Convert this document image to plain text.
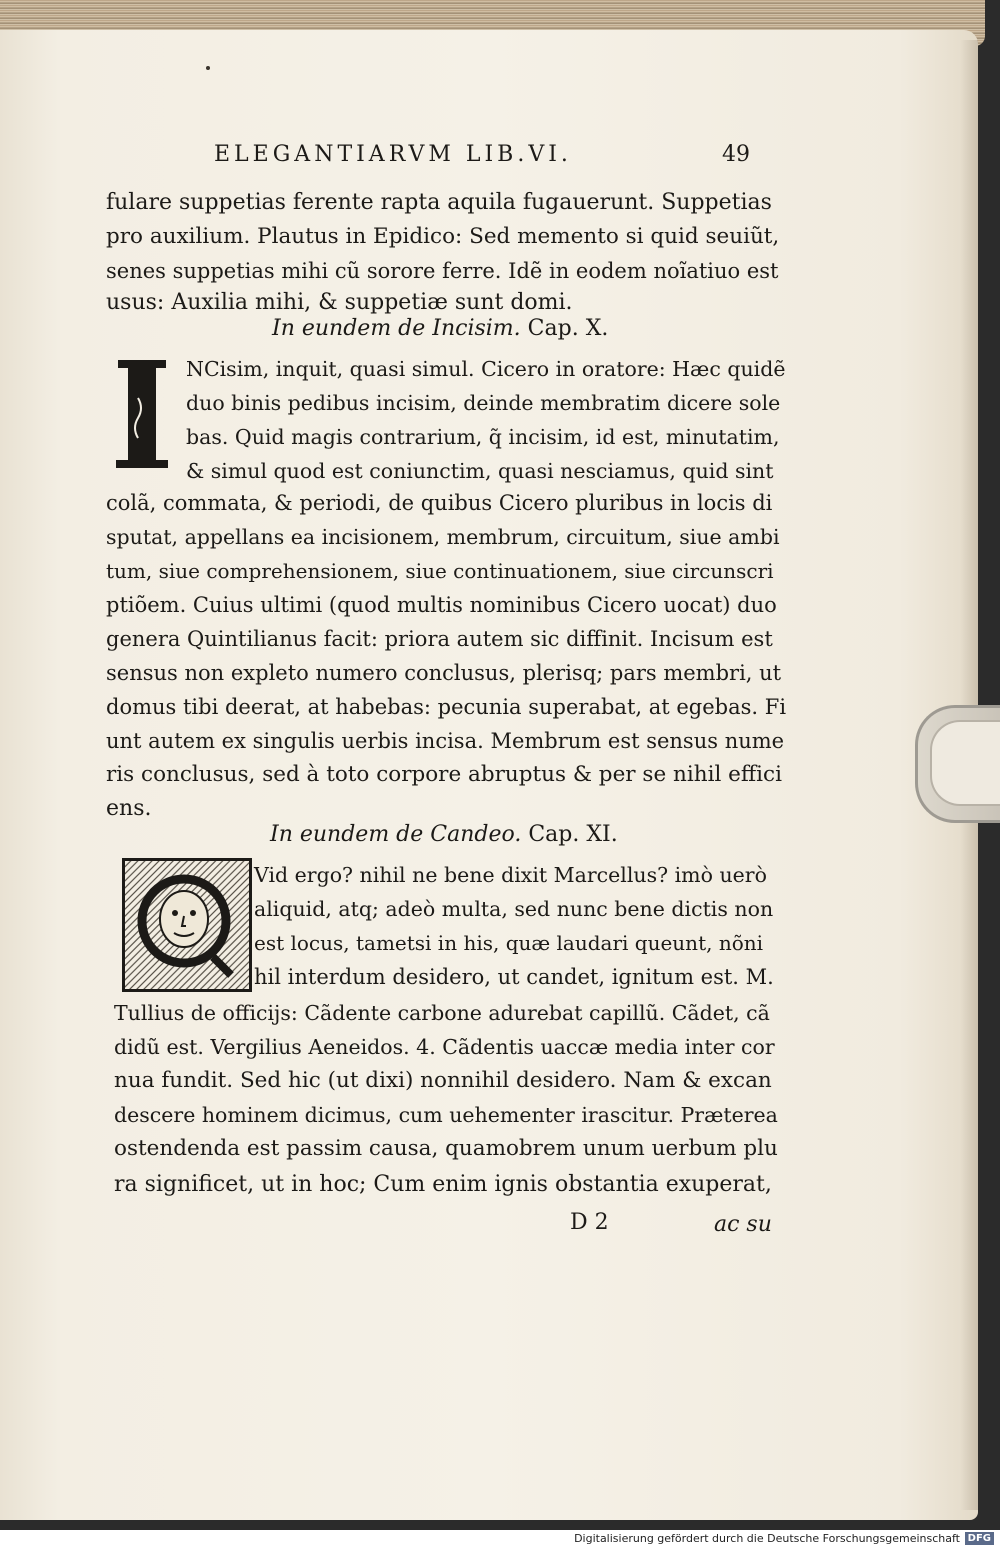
ELEGANTIARVM LIB.VI.	49
fulare suppetias ferente rapta aquila fugauerunt. Suppetias
pro auxilium. Plautus in Epidico: Sed memento si quid seuiũt,
senes suppetias mihi cũ sorore ferre. Idẽ in eodem noĩatiuo est
usus: Auxilia mihi, & suppetiæ sunt domi.
In eundem de Incisim. Cap. X.
I	NCisim, inquit, quasi simul. Cicero in oratore: Hæc quidẽ
duo binis pedibus incisim, deinde membratim dicere sole
bas. Quid magis contrarium, q̃ incisim, id est, minutatim,
& simul quod est coniunctim, quasi nesciamus, quid sint
colã, commata, & periodi, de quibus Cicero pluribus in locis di
sputat, appellans ea incisionem, membrum, circuitum, siue ambi
tum, siue comprehensionem, siue continuationem, siue circunscri
ptiõem. Cuius ultimi (quod multis nominibus Cicero uocat) duo
genera Quintilianus facit: priora autem sic diffinit. Incisum est
sensus non expleto numero conclusus, plerisq; pars membri, ut
domus tibi deerat, at habebas: pecunia superabat, at egebas. Fi
unt autem ex singulis uerbis incisa. Membrum est sensus nume
ris conclusus, sed à toto corpore abruptus & per se nihil effici
ens.
In eundem de Candeo. Cap. XI.
Vid ergo? nihil ne bene dixit Marcellus? imò uerò
aliquid, atq; adeò multa, sed nunc bene dictis non
est locus, tametsi in his, quæ laudari queunt, nõni
hil interdum desidero, ut candet, ignitum est. M.
Tullius de officijs: Cãdente carbone adurebat capillũ. Cãdet, cã
didũ est. Vergilius Aeneidos. 4. Cãdentis uaccæ media inter cor
nua fundit. Sed hic (ut dixi) nonnihil desidero. Nam & excan
descere hominem dicimus, cum uehementer irascitur. Præterea
ostendenda est passim causa, quamobrem unum uerbum plu
ra significet, ut in hoc; Cum enim ignis obstantia exuperat,
D 2	ac su
Digitalisierung gefördert durch die Deutsche Forschungsgemeinschaft DFG
